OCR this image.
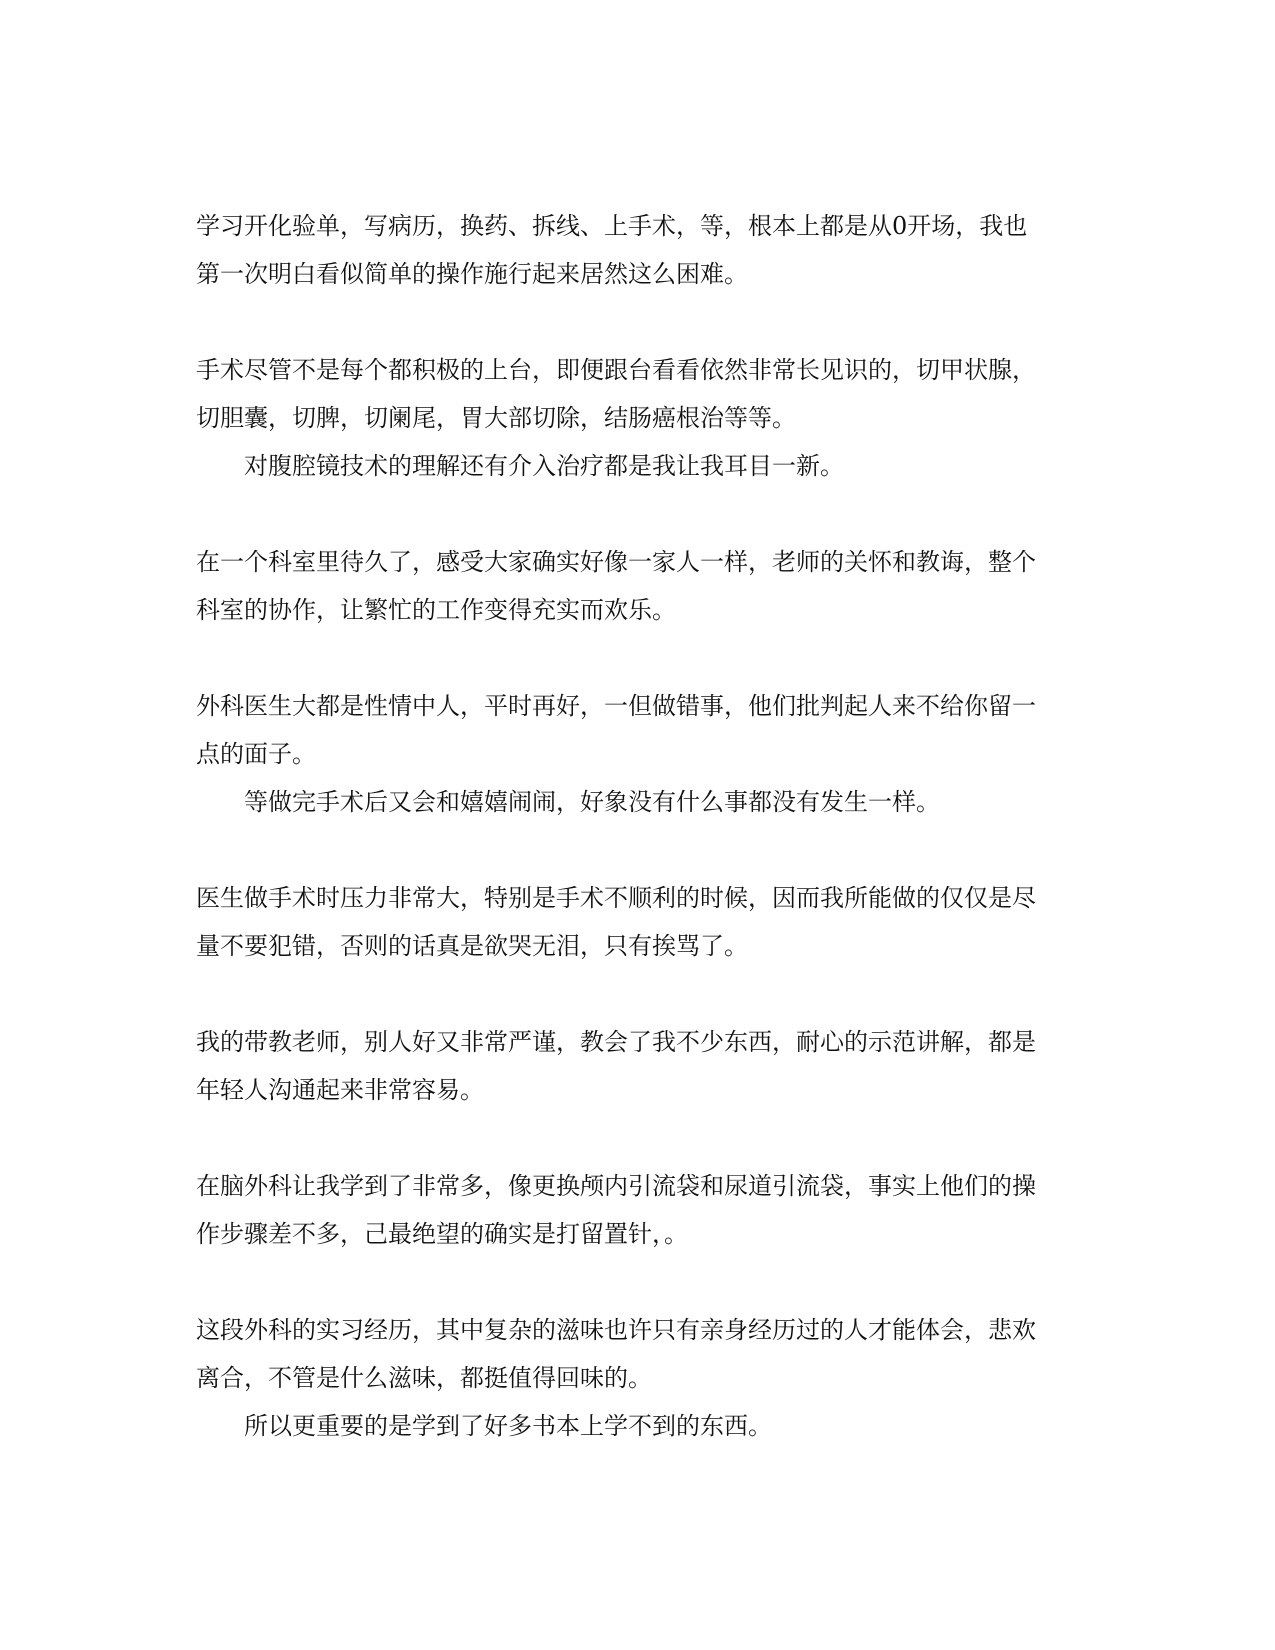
学习开化验单，写病历，换药、拆线、上手术，等，根本上都是从0开场，我也
第一次明白看似简单的操作施行起来居然这么困难。
手术尽管不是每个都积极的上台，即便跟台看看依然非常长见识的，切甲状腺，
切胆囊，切脾，切阑尾，胃大部切除，结肠癌根治等等。
对腹腔镜技术的理解还有介入治疗都是我让我耳目一新。
在一个科室里待久了，感受大家确实好像一家人一样，老师的关怀和教诲，整个
科室的协作，让繁忙的工作变得充实而欢乐。
外科医生大都是性情中人，平时再好，一但做错事，他们批判起人来不给你留一
点的面子。
等做完手术后又会和嬉嬉闹闹，好象没有什么事都没有发生一样。
医生做手术时压力非常大，特别是手术不顺利的时候，因而我所能做的仅仅是尽
量不要犯错，否则的话真是欲哭无泪，只有挨骂了。
我的带教老师，别人好又非常严谨，教会了我不少东西，耐心的示范讲解，都是
年轻人沟通起来非常容易。
在脑外科让我学到了非常多，像更换颅内引流袋和尿道引流袋，事实上他们的操
作步骤差不多，己最绝望的确实是打留置针，。
这段外科的实习经历，其中复杂的滋味也许只有亲身经历过的人才能体会，悲欢
离合，不管是什么滋味，都挺值得回味的。
所以更重要的是学到了好多书本上学不到的东西。
